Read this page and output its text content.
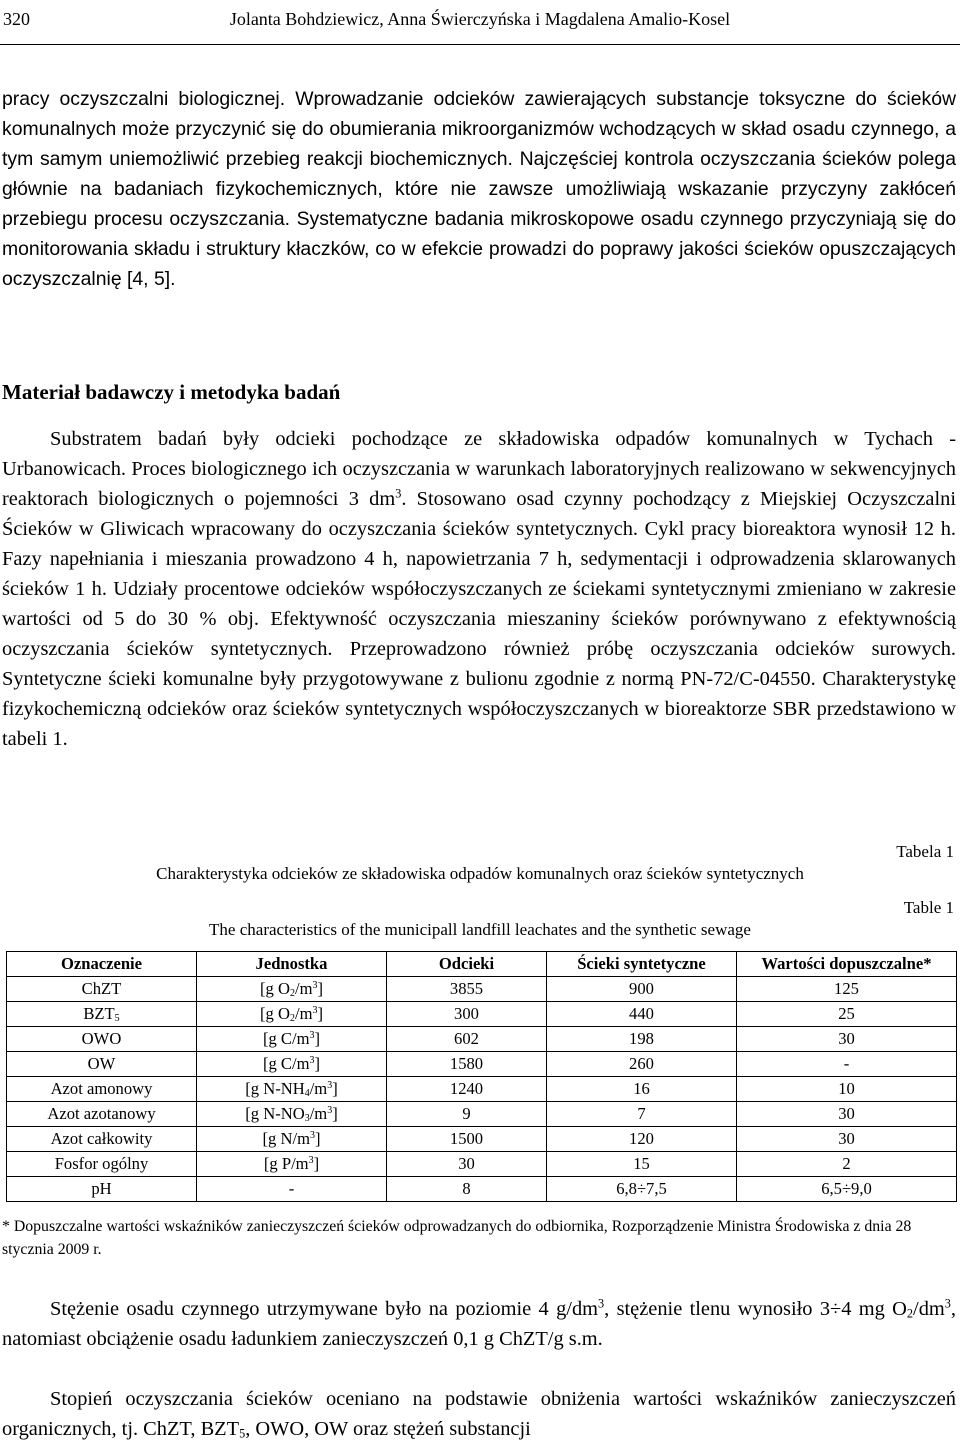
320	Jolanta Bohdziewicz, Anna Świerczyńska i Magdalena Amalio-Kosel

pracy oczyszczalni biologicznej. Wprowadzanie odcieków zawierających substancje toksyczne do ścieków komunalnych może przyczynić się do obumierania mikroorganizmów wchodzących w skład osadu czynnego, a tym samym uniemożliwić przebieg reakcji biochemicznych. Najczęściej kontrola oczyszczania ścieków polega głównie na badaniach fizykochemicznych, które nie zawsze umożliwiają wskazanie przyczyny zakłóceń przebiegu procesu oczyszczania. Systematyczne badania mikroskopowe osadu czynnego przyczyniają się do monitorowania składu i struktury kłaczków, co w efekcie prowadzi do poprawy jakości ścieków opuszczających oczyszczalnię [4, 5].

Materiał badawczy i metodyka badań

Substratem badań były odcieki pochodzące ze składowiska odpadów komunalnych w Tychach - Urbanowicach. Proces biologicznego ich oczyszczania w warunkach laboratoryjnych realizowano w sekwencyjnych reaktorach biologicznych o pojemności 3 $dm^3$. Stosowano osad czynny pochodzący z Miejskiej Oczyszczalni Ścieków w Gliwicach wpracowany do oczyszczania ścieków syntetycznych. Cykl pracy bioreaktora wynosił 12 h. Fazy napełniania i mieszania prowadzono 4 h, napowietrzania 7 h, sedymentacji i odprowadzenia sklarowanych ścieków 1 h. Udziały procentowe odcieków współoczyszczanych ze ściekami syntetycznymi zmieniano w zakresie wartości od 5 do 30 % obj. Efektywność oczyszczania mieszaniny ścieków porównywano z efektywnością oczyszczania ścieków syntetycznych. Przeprowadzono również próbę oczyszczania odcieków surowych. Syntetyczne ścieki komunalne były przygotowywane z bulionu zgodnie z normą PN-72/C-04550. Charakterystykę fizykochemiczną odcieków oraz ścieków syntetycznych współoczyszczanych w bioreaktorze SBR przedstawiono w tabeli 1.

Tabela 1
Charakterystyka odcieków ze składowiska odpadów komunalnych oraz ścieków syntetycznych
Table 1
The characteristics of the municipall landfill leachates and the synthetic sewage
Oznaczenie	Jednostka	Odcieki	Ścieki syntetyczne	Wartości dopuszczalne*
ChZT	[g $O_2/m^3$]	3855	900	125
$BZT_5$	[g $O_2/m^3$]	300	440	25
OWO	[g $C/m^3$]	602	198	30
OW	[g $C/m^3$]	1580	260	-
Azot amonowy	[g $N-NH_4/m^3$]	1240	16	10
Azot azotanowy	[g $N-NO_3/m^3$]	9	7	30
Azot całkowity	[g $N/m^3$]	1500	120	30
Fosfor ogólny	[g $P/m^3$]	30	15	2
pH	-	8	6,8÷7,5	6,5÷9,0

* Dopuszczalne wartości wskaźników zanieczyszczeń ścieków odprowadzanych do odbiornika, Rozporządzenie Ministra Środowiska z dnia 28 stycznia 2009 r.

Stężenie osadu czynnego utrzymywane było na poziomie 4 $g/dm^3$, stężenie tlenu wynosiło 3÷4 mg $O_2/dm^3$, natomiast obciążenie osadu ładunkiem zanieczyszczeń 0,1 g ChZT/g s.m.

Stopień oczyszczania ścieków oceniano na podstawie obniżenia wartości wskaźników zanieczyszczeń organicznych, tj. ChZT, $BZT_5$, OWO, OW oraz stężeń substancji
